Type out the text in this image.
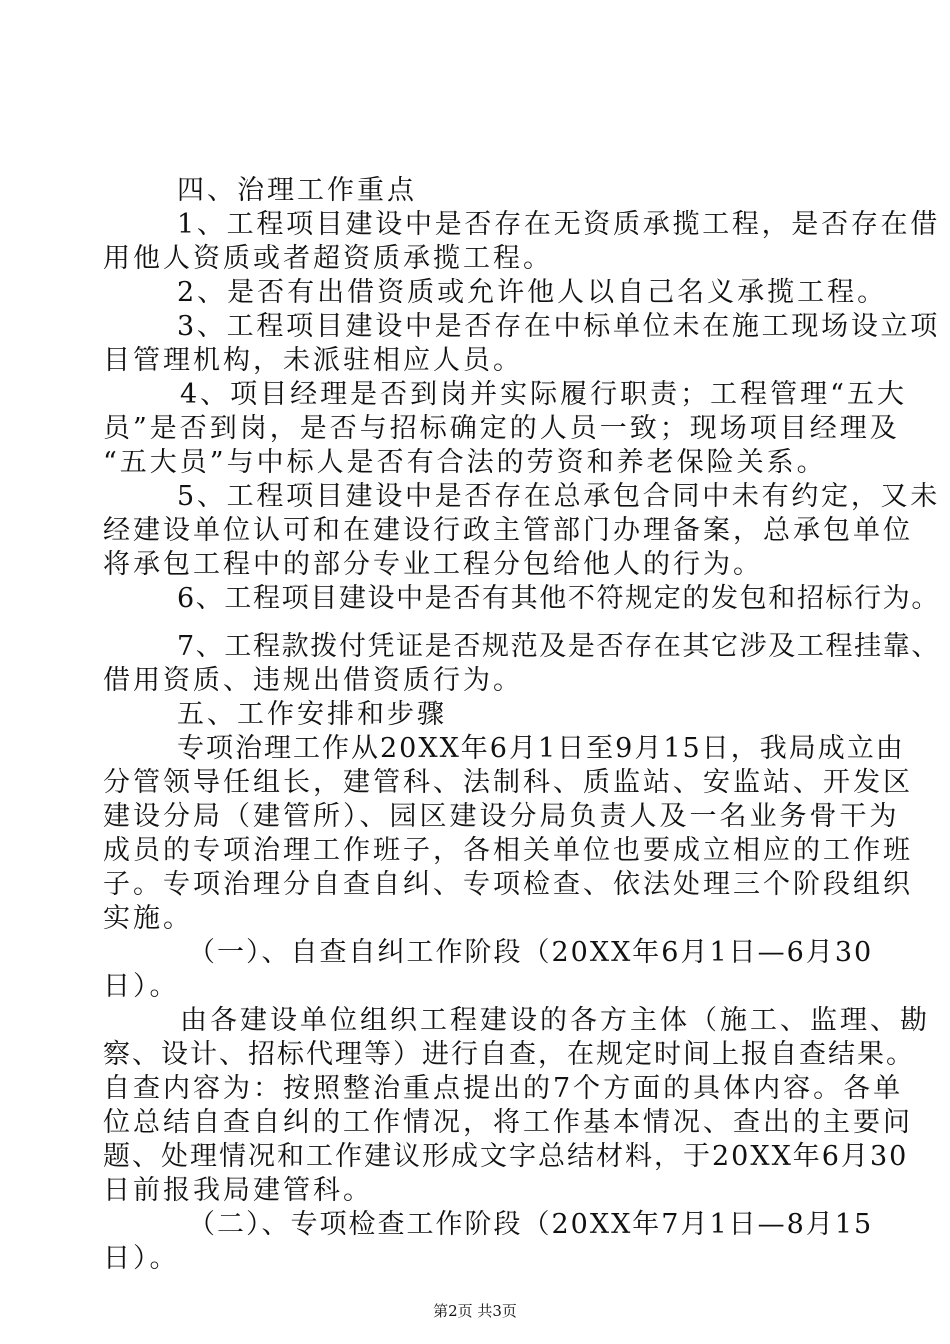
四、治理工作重点
1、工程项目建设中是否存在无资质承揽工程，是否存在借
用他人资质或者超资质承揽工程。
2、是否有出借资质或允许他人以自己名义承揽工程。
3、工程项目建设中是否存在中标单位未在施工现场设立项
目管理机构，未派驻相应人员。
4、项目经理是否到岗并实际履行职责；工程管理“五大
员”是否到岗，是否与招标确定的人员一致；现场项目经理及
“五大员”与中标人是否有合法的劳资和养老保险关系。
5、工程项目建设中是否存在总承包合同中未有约定，又未
经建设单位认可和在建设行政主管部门办理备案，总承包单位
将承包工程中的部分专业工程分包给他人的行为。
6、工程项目建设中是否有其他不符规定的发包和招标行为。
7、工程款拨付凭证是否规范及是否存在其它涉及工程挂靠、
借用资质、违规出借资质行为。
五、工作安排和步骤
专项治理工作从20XX年6月1日至9月15日，我局成立由
分管领导任组长，建管科、法制科、质监站、安监站、开发区
建设分局（建管所）、园区建设分局负责人及一名业务骨干为
成员的专项治理工作班子，各相关单位也要成立相应的工作班
子。专项治理分自查自纠、专项检查、依法处理三个阶段组织
实施。
（一）、自查自纠工作阶段（20XX年6月1日—6月30
日）。
由各建设单位组织工程建设的各方主体（施工、监理、勘
察、设计、招标代理等）进行自查，在规定时间上报自查结果。
自查内容为：按照整治重点提出的7个方面的具体内容。各单
位总结自查自纠的工作情况，将工作基本情况、查出的主要问
题、处理情况和工作建议形成文字总结材料，于20XX年6月30
日前报我局建管科。
（二）、专项检查工作阶段（20XX年7月1日—8月15
日）。
第2页 共3页
